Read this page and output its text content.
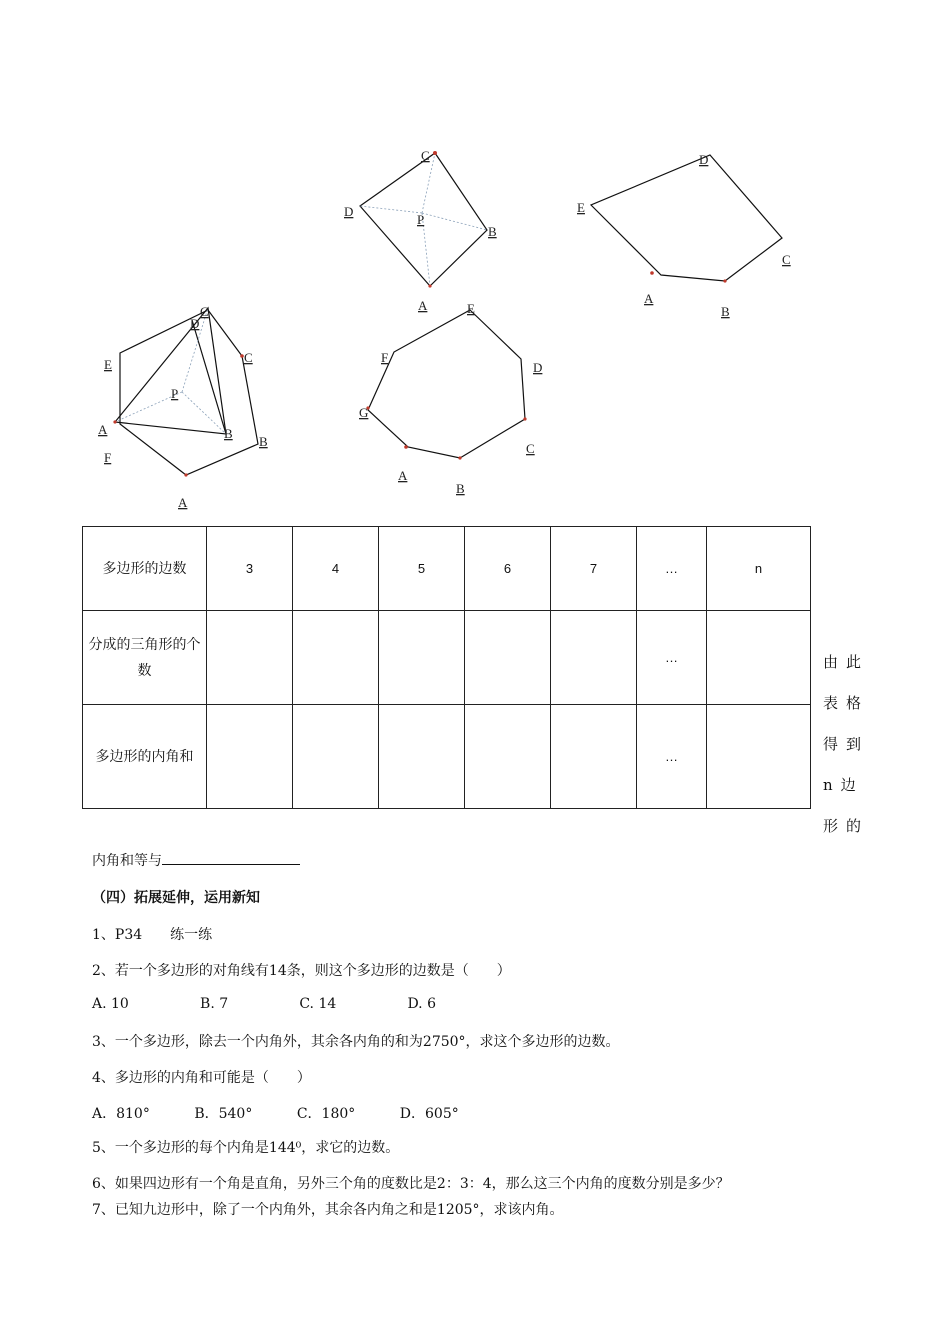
C
D
P
B
A
D
E
C
A
B
C
D
E	C
P
A	B
B
F
A
E
F
D
G
C
A
B
多边形的边数	3	4	5	6	7	…	n
分成的三角形的个数						…	
多边形的内角和						…	
由此表格得到n边形的
内角和等与
（四）拓展延伸，运用新知
1、P34　　练一练
2、若一个多边形的对角线有14条，则这个多边形的边数是（　　）
A. 10                B. 7                C. 14                D. 6
3、一个多边形，除去一个内角外，其余各内角的和为2750°，求这个多边形的边数。
4、多边形的内角和可能是（　　）
A．810°          B．540°          C．180°          D．605°
5、一个多边形的每个内角是144⁰，求它的边数。
6、如果四边形有一个角是直角，另外三个角的度数比是2：3：4，那么这三个内角的度数分别是多少？
7、已知九边形中，除了一个内角外，其余各内角之和是1205°，求该内角。
